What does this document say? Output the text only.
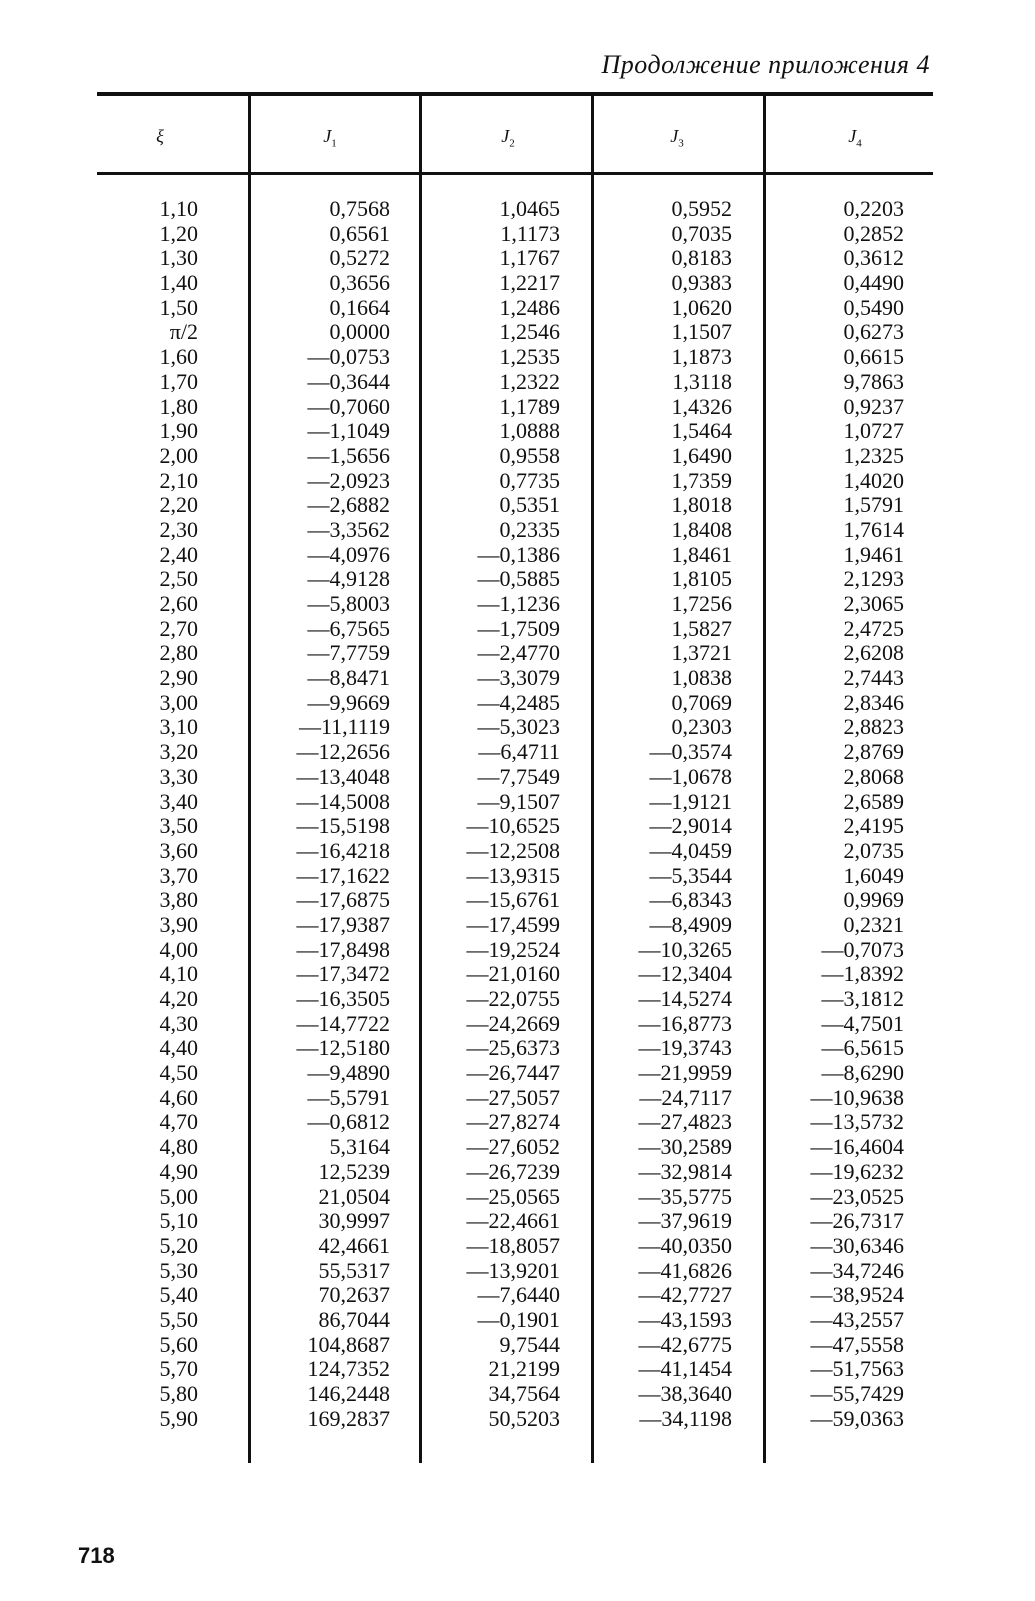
Продолжение приложения 4
ξ	$J_1$	$J_2$	$J_3$	$J_4$
1,10	0,7568	1,0465	0,5952	0,2203
1,20	0,6561	1,1173	0,7035	0,2852
1,30	0,5272	1,1767	0,8183	0,3612
1,40	0,3656	1,2217	0,9383	0,4490
1,50	0,1664	1,2486	1,0620	0,5490
π/2	0,0000	1,2546	1,1507	0,6273
1,60	—0,0753	1,2535	1,1873	0,6615
1,70	—0,3644	1,2322	1,3118	9,7863
1,80	—0,7060	1,1789	1,4326	0,9237
1,90	—1,1049	1,0888	1,5464	1,0727
2,00	—1,5656	0,9558	1,6490	1,2325
2,10	—2,0923	0,7735	1,7359	1,4020
2,20	—2,6882	0,5351	1,8018	1,5791
2,30	—3,3562	0,2335	1,8408	1,7614
2,40	—4,0976	—0,1386	1,8461	1,9461
2,50	—4,9128	—0,5885	1,8105	2,1293
2,60	—5,8003	—1,1236	1,7256	2,3065
2,70	—6,7565	—1,7509	1,5827	2,4725
2,80	—7,7759	—2,4770	1,3721	2,6208
2,90	—8,8471	—3,3079	1,0838	2,7443
3,00	—9,9669	—4,2485	0,7069	2,8346
3,10	—11,1119	—5,3023	0,2303	2,8823
3,20	—12,2656	—6,4711	—0,3574	2,8769
3,30	—13,4048	—7,7549	—1,0678	2,8068
3,40	—14,5008	—9,1507	—1,9121	2,6589
3,50	—15,5198	—10,6525	—2,9014	2,4195
3,60	—16,4218	—12,2508	—4,0459	2,0735
3,70	—17,1622	—13,9315	—5,3544	1,6049
3,80	—17,6875	—15,6761	—6,8343	0,9969
3,90	—17,9387	—17,4599	—8,4909	0,2321
4,00	—17,8498	—19,2524	—10,3265	—0,7073
4,10	—17,3472	—21,0160	—12,3404	—1,8392
4,20	—16,3505	—22,0755	—14,5274	—3,1812
4,30	—14,7722	—24,2669	—16,8773	—4,7501
4,40	—12,5180	—25,6373	—19,3743	—6,5615
4,50	—9,4890	—26,7447	—21,9959	—8,6290
4,60	—5,5791	—27,5057	—24,7117	—10,9638
4,70	—0,6812	—27,8274	—27,4823	—13,5732
4,80	5,3164	—27,6052	—30,2589	—16,4604
4,90	12,5239	—26,7239	—32,9814	—19,6232
5,00	21,0504	—25,0565	—35,5775	—23,0525
5,10	30,9997	—22,4661	—37,9619	—26,7317
5,20	42,4661	—18,8057	—40,0350	—30,6346
5,30	55,5317	—13,9201	—41,6826	—34,7246
5,40	70,2637	—7,6440	—42,7727	—38,9524
5,50	86,7044	—0,1901	—43,1593	—43,2557
5,60	104,8687	9,7544	—42,6775	—47,5558
5,70	124,7352	21,2199	—41,1454	—51,7563
5,80	146,2448	34,7564	—38,3640	—55,7429
5,90	169,2837	50,5203	—34,1198	—59,0363
718
